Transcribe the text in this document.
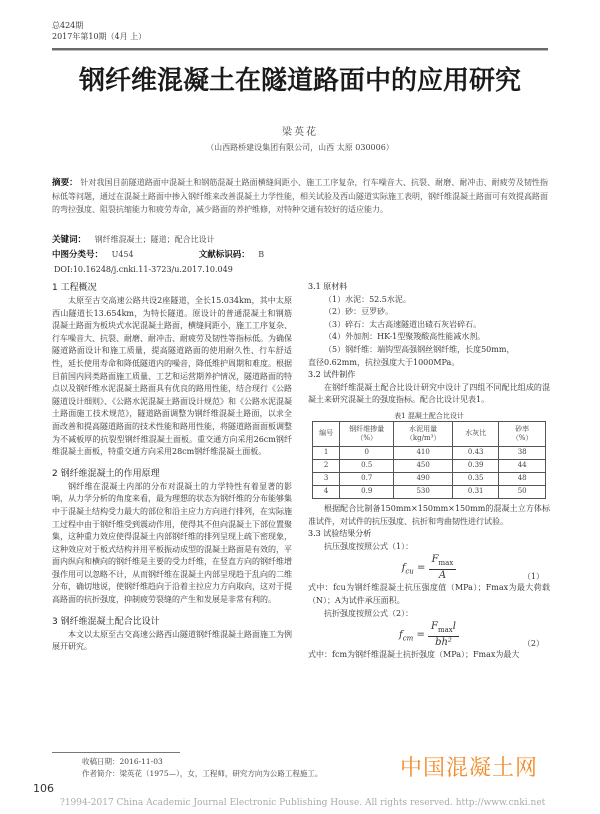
总424期
2017年第10期（4月 上）
钢纤维混凝土在隧道路面中的应用研究
梁英花
（山西路桥建设集团有限公司，山西 太原 030006）
摘要： 针对我国目前隧道路面中混凝土和钢筋混凝土路面横缝间距小、施工工序复杂，行车噪音大、抗裂、耐磨、耐冲击、耐疲劳及韧性指标低等问题，通过在混凝土路面中掺入钢纤维来改善混凝土力学性能，相关试验及西山隧道实际施工表明，钢纤维混凝土路面可有效提高路面的弯拉强度、阻裂抗缩能力和疲劳寿命，减少路面的养护维修，对特种交通有较好的适应能力。
关键词： 钢纤维混凝土；隧道；配合比设计
中图分类号： U454	文献标识码： B
DOI:10.16248/j.cnki.11-3723/u.2017.10.049
1 工程概况

太原至古交高速公路共设2座隧道，全长15.034km，其中太原西山隧道长13.654km，为特长隧道。原设计的普通混凝土和钢筋混凝土路面为板块式水泥混凝土路面，横缝间距小，施工工序复杂、行车噪音大、抗裂、耐磨、耐冲击、耐疲劳及韧性等指标低。为确保隧道路面设计和施工质量，提高隧道路面的使用耐久性、行车舒适性，延长使用寿命和降低隧道内的噪音，降低维护周期和难度。根据目前国内同类路面施工质量、工艺和运营期养护情况，隧道路面的特点以及钢纤维水泥混凝土路面具有优良的路用性能，结合现行《公路隧道设计细则》、《公路水泥混凝土路面设计规范》和《公路水泥混凝土路面施工技术规范》，隧道路面调整为钢纤维混凝土路面，以求全面改善和提高隧道路面的技术性能和路用性能，将隧道路面面板调整为不减板厚的抗裂型钢纤维混凝土面板。重交通方向采用26cm钢纤维混凝土面板，特重交通方向采用28cm钢纤维混凝土面板。

2 钢纤维混凝土的作用原理

钢纤维在混凝土内部的分布对混凝土的力学特性有着显著的影响，从力学分析的角度来看，最为理想的状态为钢纤维的分布能够集中于混凝土结构受力最大的部位和沿主应力方向进行排列，在实际施工过程中由于钢纤维受到震动作用，使得其不但向混凝土下部位置聚集，这种重力效应使得混凝土内部钢纤维的排列呈现上疏下密现象，这种效应对于板式结构并用平板振动成型的混凝土路面是有效的，平面内纵向和横向的钢纤维是主要的受力纤维，在竖直方向的钢纤维增强作用可以忽略不计，从而钢纤维在混凝土内部呈现趋于乱向的二维分布，确切地说，使钢纤维趋向于沿着主拉应力方向取向，这对于提高路面的抗折强度，抑制疲劳裂缝的产生和发展是非常有利的。

3 钢纤维混凝土配合比设计

本文以太原至古交高速公路西山隧道钢纤维混凝土路面施工为例展开研究。

3.1 原材料
（1）水泥：52.5水泥。
（2）砂：豆罗砂。
（3）碎石：太古高速隧道出碴石灰岩碎石。
（4）外加剂：HK-1型聚羧酸高性能减水剂。
（5）钢纤维：端钩型高强钢丝钢纤维，长度50mm，
直径0.62mm，抗拉强度大于1000MPa。
3.2 试件制作

在钢纤维混凝土配合比设计研究中设计了四组不同配比组成的混凝土来研究混凝土的强度指标。配合比设计见表1。

表1 混凝土配合比设计
编号	钢纤维掺量
（%）	水泥用量
（kg/m³）	水灰比	砂率
（%）
1	0	410	0.43	38
2	0.5	450	0.39	44
3	0.7	490	0.35	48
4	0.9	530	0.31	50

根据配合比制备150mm×150mm×150mm的混凝土立方体标准试件，对试件的抗压强度、抗折和弯曲韧性进行试验。

3.3 试验结果分析

抗压强度按照公式（1）：

$f_{cu} = \frac{F_{max}}{A}$	（1）

式中：fcu为钢纤维混凝土抗压强度值（MPa）；Fmax为最大荷载（N）；A为试件承压面积。

抗折强度按照公式（2）：

$f_{cm} = \frac{F_{max}l}{\text{bh²}}$	（2）

式中：fcm为钢纤维混凝土抗折强度（MPa）；Fmax为最大

收稿日期：2016-11-03
作者简介：梁英花（1975—），女，工程师，研究方向为公路工程施工。	中国混凝土网
106
?1994-2017 China Academic Journal Electronic Publishing House. All rights reserved. http://www.cnki.net
